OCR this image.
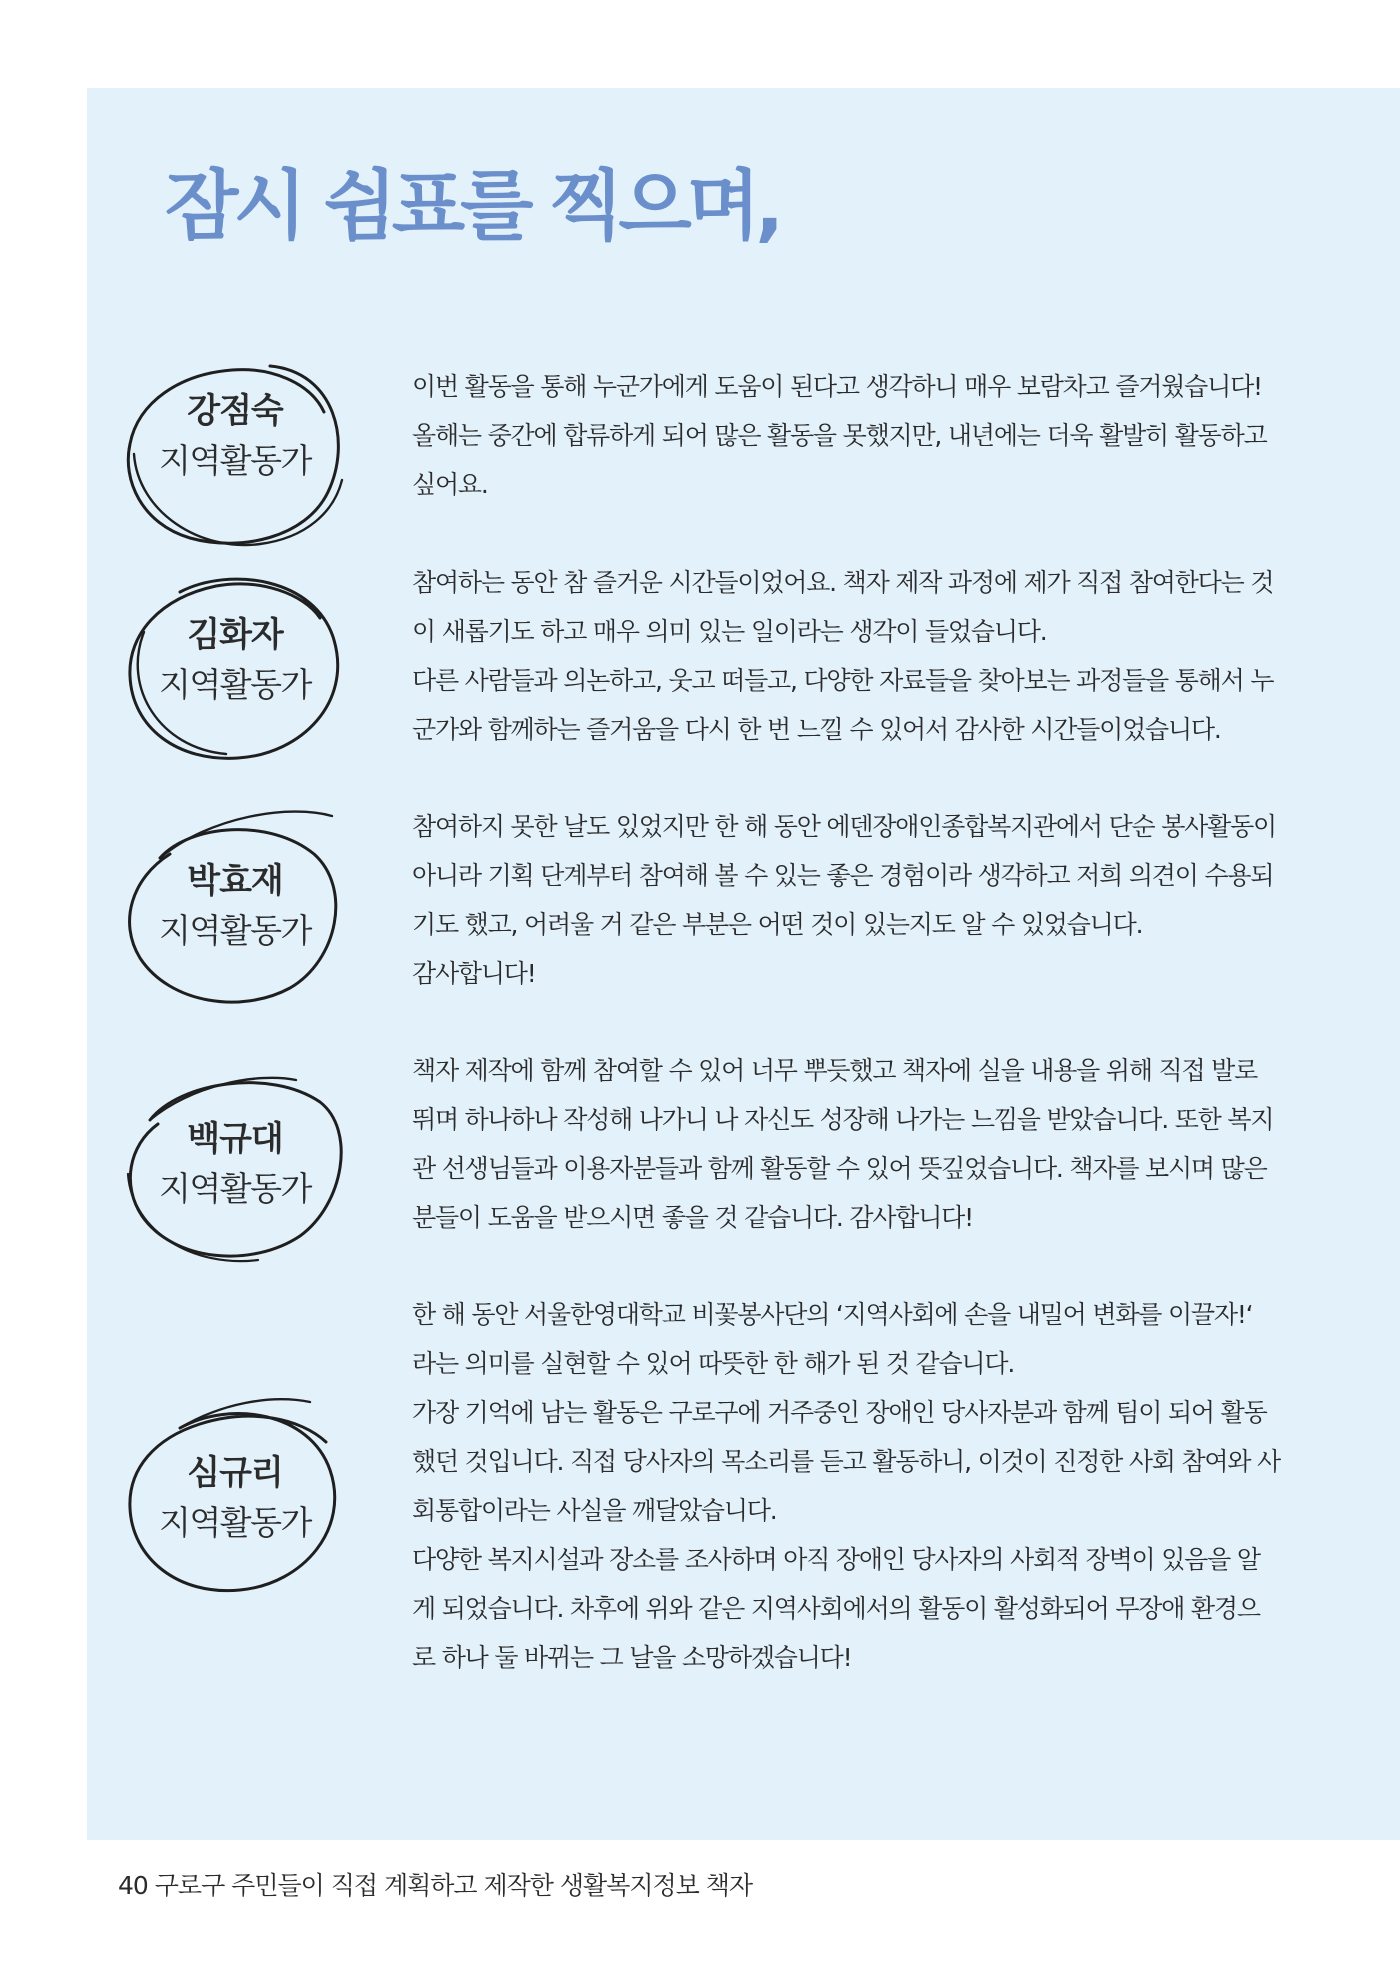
잠시 쉼표를 찍으며,
강점숙
지역활동가

이번 활동을 통해 누군가에게 도움이 된다고 생각하니 매우 보람차고 즐거웠습니다! 올해는 중간에 합류하게 되어 많은 활동을 못했지만, 내년에는 더욱 활발히 활동하고 싶어요.

김화자
지역활동가

참여하는 동안 참 즐거운 시간들이었어요. 책자 제작 과정에 제가 직접 참여한다는 것이 새롭기도 하고 매우 의미 있는 일이라는 생각이 들었습니다.

다른 사람들과 의논하고, 웃고 떠들고, 다양한 자료들을 찾아보는 과정들을 통해서 누군가와 함께하는 즐거움을 다시 한 번 느낄 수 있어서 감사한 시간들이었습니다.

박효재
지역활동가

참여하지 못한 날도 있었지만 한 해 동안 에덴장애인종합복지관에서 단순 봉사활동이 아니라 기획 단계부터 참여해 볼 수 있는 좋은 경험이라 생각하고 저희 의견이 수용되기도 했고, 어려울 거 같은 부분은 어떤 것이 있는지도 알 수 있었습니다.

감사합니다!

백규대
지역활동가

책자 제작에 함께 참여할 수 있어 너무 뿌듯했고 책자에 실을 내용을 위해 직접 발로 뛰며 하나하나 작성해 나가니 나 자신도 성장해 나가는 느낌을 받았습니다. 또한 복지관 선생님들과 이용자분들과 함께 활동할 수 있어 뜻깊었습니다. 책자를 보시며 많은 분들이 도움을 받으시면 좋을 것 같습니다. 감사합니다!

심규리
지역활동가

한 해 동안 서울한영대학교 비꽃봉사단의 ‘지역사회에 손을 내밀어 변화를 이끌자!‘ 라는 의미를 실현할 수 있어 따뜻한 한 해가 된 것 같습니다.

가장 기억에 남는 활동은 구로구에 거주중인 장애인 당사자분과 함께 팀이 되어 활동했던 것입니다. 직접 당사자의 목소리를 듣고 활동하니, 이것이 진정한 사회 참여와 사회통합이라는 사실을 깨달았습니다.

다양한 복지시설과 장소를 조사하며 아직 장애인 당사자의 사회적 장벽이 있음을 알게 되었습니다. 차후에 위와 같은 지역사회에서의 활동이 활성화되어 무장애 환경으로 하나 둘 바뀌는 그 날을 소망하겠습니다!

40 구로구 주민들이 직접 계획하고 제작한 생활복지정보 책자
